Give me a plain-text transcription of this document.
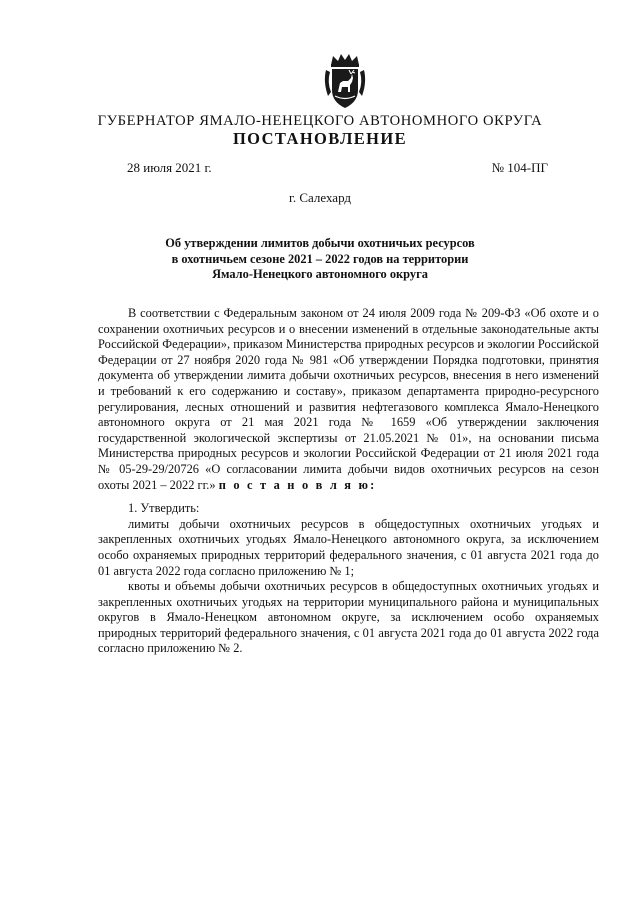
ГУБЕРНАТОР ЯМАЛО-НЕНЕЦКОГО АВТОНОМНОГО ОКРУГА
ПОСТАНОВЛЕНИЕ
28 июля 2021 г.	№ 104-ПГ
г. Салехард
Об утверждении лимитов добычи охотничьих ресурсов
в охотничьем сезоне 2021 – 2022 годов на территории
Ямало-Ненецкого автономного округа

В соответствии с Федеральным законом от 24 июля 2009 года № 209-ФЗ «Об охоте и о сохранении охотничьих ресурсов и о внесении изменений в отдельные законодательные акты Российской Федерации», приказом Министерства природных ресурсов и экологии Российской Федерации от 27 ноября 2020 года № 981 «Об утверждении Порядка подготовки, принятия документа об утверждении лимита добычи охотничьих ресурсов, внесения в него изменений и требований к его содержанию и составу», приказом департамента природно-ресурсного регулирования, лесных отношений и развития нефтегазового комплекса Ямало-Ненецкого автономного округа от 21 мая 2021 года № 1659 «Об утверждении заключения государственной экологической экспертизы от 21.05.2021 № 01», на основании письма Министерства природных ресурсов и экологии Российской Федерации от 21 июля 2021 года № 05-29-29/20726 «О согласовании лимита добычи видов охотничьих ресурсов на сезон охоты 2021 – 2022 гг.» п о с т а н о в л я ю:

1. Утвердить:

лимиты добычи охотничьих ресурсов в общедоступных охотничьих угодьях и закрепленных охотничьих угодьях Ямало-Ненецкого автономного округа, за исключением особо охраняемых природных территорий федерального значения, с 01 августа 2021 года до 01 августа 2022 года согласно приложению № 1;

квоты и объемы добычи охотничьих ресурсов в общедоступных охотничьих угодьях и закрепленных охотничьих угодьях на территории муниципального района и муниципальных округов в Ямало-Ненецком автономном округе, за исключением особо охраняемых природных территорий федерального значения, с 01 августа 2021 года до 01 августа 2022 года согласно приложению № 2.
